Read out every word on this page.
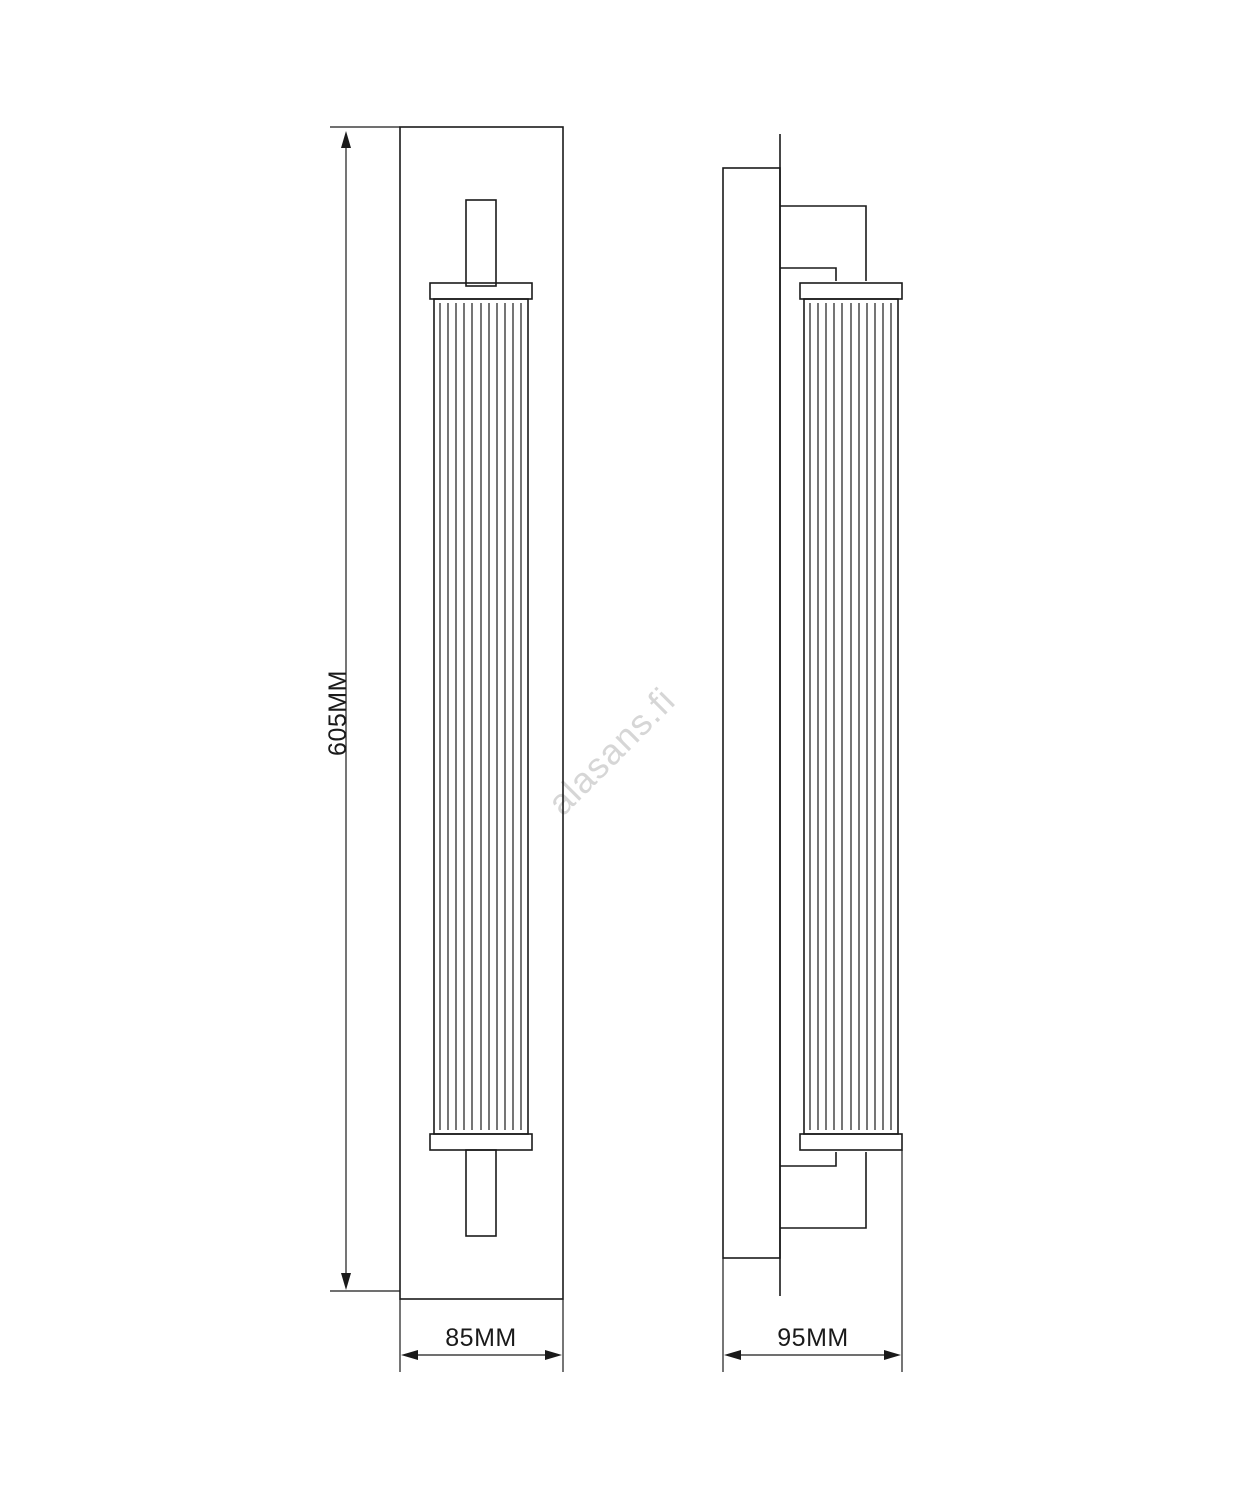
alasans.fi
605MM
85MM	95MM
